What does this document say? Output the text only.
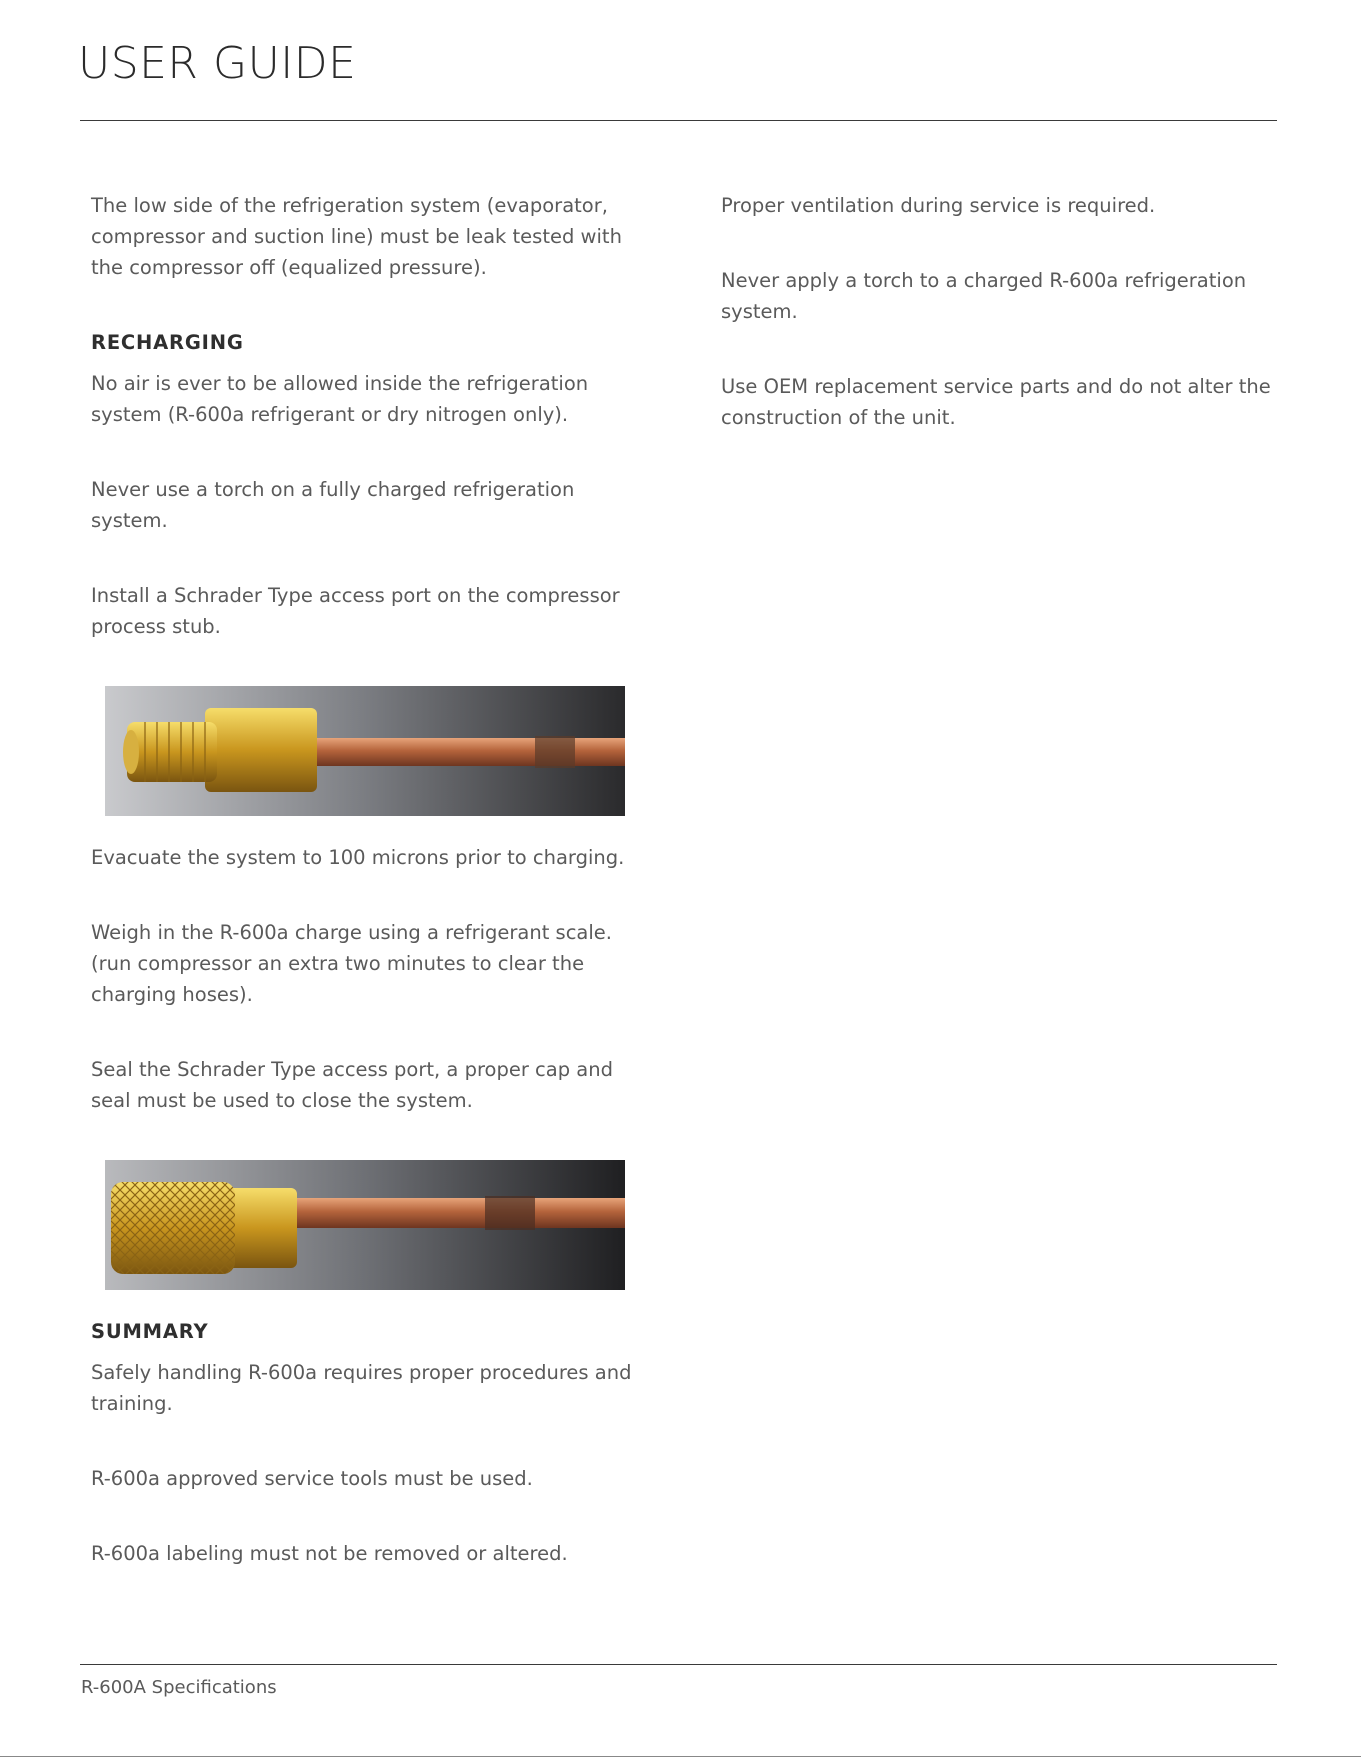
USER GUIDE

The low side of the refrigeration system (evaporator, compressor and suction line) must be leak tested with the compressor off (equalized pressure).

RECHARGING

No air is ever to be allowed inside the refrigeration system (R-600a refrigerant or dry nitrogen only).

Never use a torch on a fully charged refrigeration system.

Install a Schrader Type access port on the compressor process stub.

Evacuate the system to 100 microns prior to charging.

Weigh in the R-600a charge using a refrigerant scale. (run compressor an extra two minutes to clear the charging hoses).

Seal the Schrader Type access port, a proper cap and seal must be used to close the system.

SUMMARY

Safely handling R-600a requires proper procedures and training.

R-600a approved service tools must be used.

R-600a labeling must not be removed or altered.

Proper ventilation during service is required.

Never apply a torch to a charged R-600a refrigeration system.

Use OEM replacement service parts and do not alter the construction of the unit.

R-600A Specifications
